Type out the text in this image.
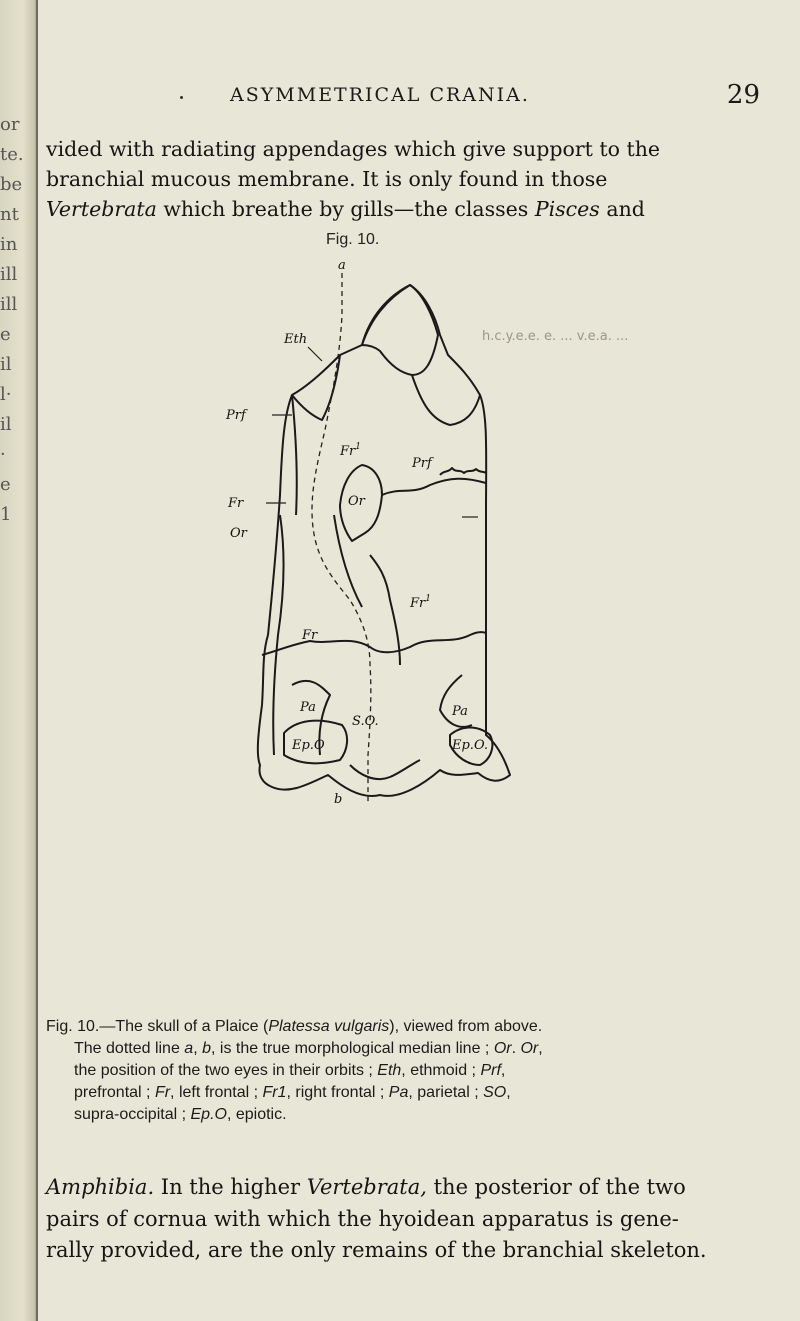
or
te.
be
nt
in
ill
ill
e
il
l·
il
·
e
1
ASYMMETRICAL CRANIA.	29
vided with radiating appendages which give support to the
branchial mucous membrane. It is only found in those
Vertebrata which breathe by gills—the classes Pisces and
Fig. 10.
a
Eth
Prf
Fr
Or
Fr$^1$
Prf
Or
Fr
Fr$^1$
Pa	Pa
S.O.
Ep.O	Ep.O.
h.c.y.e.e. e. ... v.e.a. ...
b
Fig. 10.—The skull of a Plaice (Platessa vulgaris), viewed from above.
The dotted line a, b, is the true morphological median line ; Or. Or,
the position of the two eyes in their orbits ; Eth, ethmoid ; Prf,
prefrontal ; Fr, left frontal ; Fr1, right frontal ; Pa, parietal ; SO,
supra-occipital ; Ep.O, epiotic.
Amphibia. In the higher Vertebrata, the posterior of the two
pairs of cornua with which the hyoidean apparatus is gene-
rally provided, are the only remains of the branchial skeleton.
